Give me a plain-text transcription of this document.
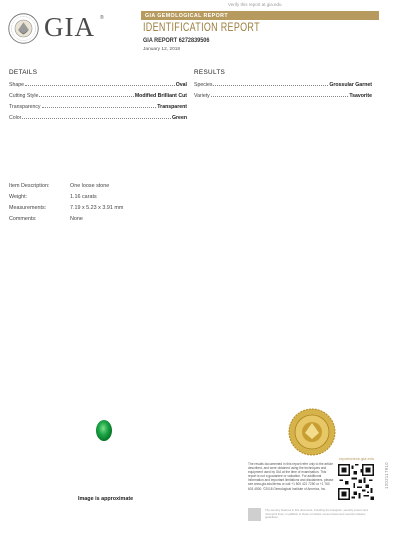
Verify this report at gia.edu
GIA ®	GIA GEMOLOGICAL REPORT
IDENTIFICATION REPORT
GIA REPORT 6272839506
January 12, 2018
DETAILS
Shape	Oval
Cutting Style	Modified Brilliant Cut
Transparency	Transparent
Color	Green
RESULTS
Species	Grossular Garnet
Variety	Tsavorite
Item Description:	One loose stone
Weight:	1.16 carats
Measurements:	7.19 x 5.23 x 3.91 mm
Comments:	None
Image is approximate
reportcheck.gia.edu
The results documented in this report refer only to the article described, and were obtained using the techniques and equipment used by GIA at the time of examination. This report is not a guarantee or valuation. For additional information and important limitations and disclaimers, please see www.gia.edu/terms or call +1 800 421 7250 or +1 760 603 4500. ©2018 Gemological Institute of America, Inc.
The security features in this document, including the hologram, security screen and microprint lines, in addition to those not listed, exceed document security industry guidelines.
1202117910
